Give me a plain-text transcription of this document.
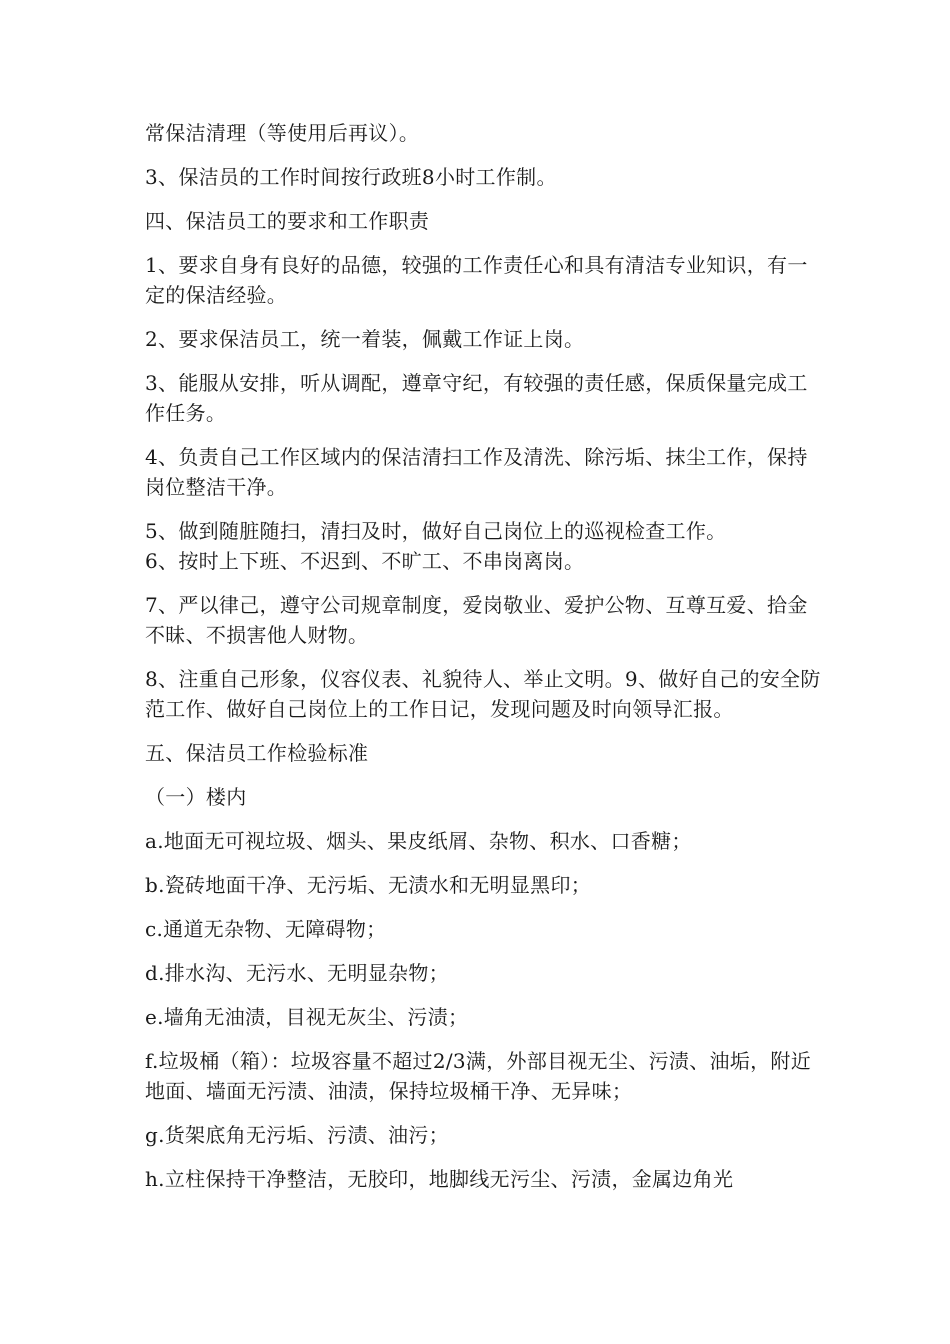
常保洁清理（等使用后再议）。

3、保洁员的工作时间按行政班8小时工作制。

四、保洁员工的要求和工作职责

1、要求自身有良好的品德，较强的工作责任心和具有清洁专业知识，有一定的保洁经验。

2、要求保洁员工，统一着装，佩戴工作证上岗。

3、能服从安排，听从调配，遵章守纪，有较强的责任感，保质保量完成工作任务。

4、负责自己工作区域内的保洁清扫工作及清洗、除污垢、抹尘工作，保持岗位整洁干净。

5、做到随脏随扫，清扫及时，做好自己岗位上的巡视检查工作。

6、按时上下班、不迟到、不旷工、不串岗离岗。

7、严以律己，遵守公司规章制度，爱岗敬业、爱护公物、互尊互爱、拾金不昧、不损害他人财物。

8、注重自己形象，仪容仪表、礼貌待人、举止文明。9、做好自己的安全防范工作、做好自己岗位上的工作日记，发现问题及时向领导汇报。

五、保洁员工作检验标准

（一）楼内

a.地面无可视垃圾、烟头、果皮纸屑、杂物、积水、口香糖；

b.瓷砖地面干净、无污垢、无渍水和无明显黑印；

c.通道无杂物、无障碍物；

d.排水沟、无污水、无明显杂物；

e.墙角无油渍，目视无灰尘、污渍；

f.垃圾桶（箱）：垃圾容量不超过2/3满，外部目视无尘、污渍、油垢，附近地面、墙面无污渍、油渍，保持垃圾桶干净、无异味；

g.货架底角无污垢、污渍、油污；

h.立柱保持干净整洁，无胶印，地脚线无污尘、污渍，金属边角光
